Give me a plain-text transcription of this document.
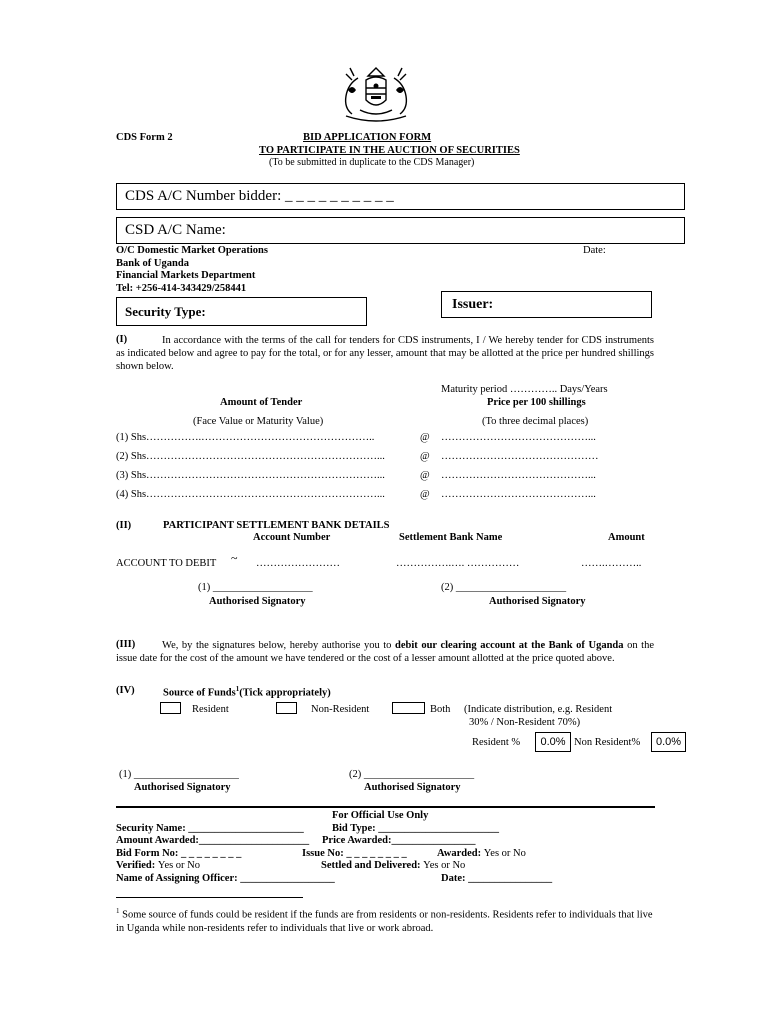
CDS Form 2	BID APPLICATION FORM
TO PARTICIPATE IN THE AUCTION OF SECURITIES
(To be submitted in duplicate to the CDS Manager)
CDS A/C Number bidder: _ _ _ _ _ _ _ _ _ _
CSD A/C Name:
O/C Domestic Market Operations
Bank of Uganda
Financial Markets Department
Tel: +256-414-343429/258441
Date:
Security Type:	Issuer:
(I)	In accordance with the terms of the call for tenders for CDS instruments, I / We hereby tender for CDS instruments as indicated below and agree to pay for the total, or for any lesser, amount that may be allotted at the price per hundred shillings shown below.
Maturity period ………….. Days/Years
Amount of Tender	Price per 100 shillings
(Face Value or Maturity Value)	(To three decimal places)
(1) Shs…………….…………………………………………..	@ ……………………………………...
(2) Shs…………………………………………………………...	@ ………………………………………
(3) Shs…………………………………………………………...	@ ……………………………………...
(4) Shs…………………………………………………………...	@ ……………………………………...
(II)	PARTICIPANT SETTLEMENT BANK DETAILS
Account Number	Settlement Bank Name	Amount
ACCOUNT TO DEBIT ~ ……………………	…………….…. ……………	…….………..
(1) ___________________	(2) _____________________
Authorised Signatory	Authorised Signatory
(III)	We, by the signatures below, hereby authorise you to debit our clearing account at the Bank of Uganda on the issue date for the cost of the amount we have tendered or the cost of a lesser amount allotted at the price quoted above.
(IV)	Source of Funds$^1$(Tick appropriately)
Resident	Non-Resident	Both (Indicate distribution, e.g. Resident
30% / Non-Resident 70%)
Resident %	0.0% Non Resident%	0.0%
(1) ____________________	(2) _____________________
Authorised Signatory	Authorised Signatory
For Official Use Only
Security Name: ______________________	Bid Type: _______________________
Amount Awarded:_____________________ Price Awarded:________________
Bid Form No: _ _ _ _ _ _ _ _	Issue No: _ _ _ _ _ _ _ _	Awarded: Yes or No
Verified: Yes or No	Settled and Delivered: Yes or No
Name of Assigning Officer: __________________	Date: ________________
$^1$ Some source of funds could be resident if the funds are from residents or non-residents. Residents refer to individuals that live in Uganda while non-residents refer to individuals that live or work abroad.
